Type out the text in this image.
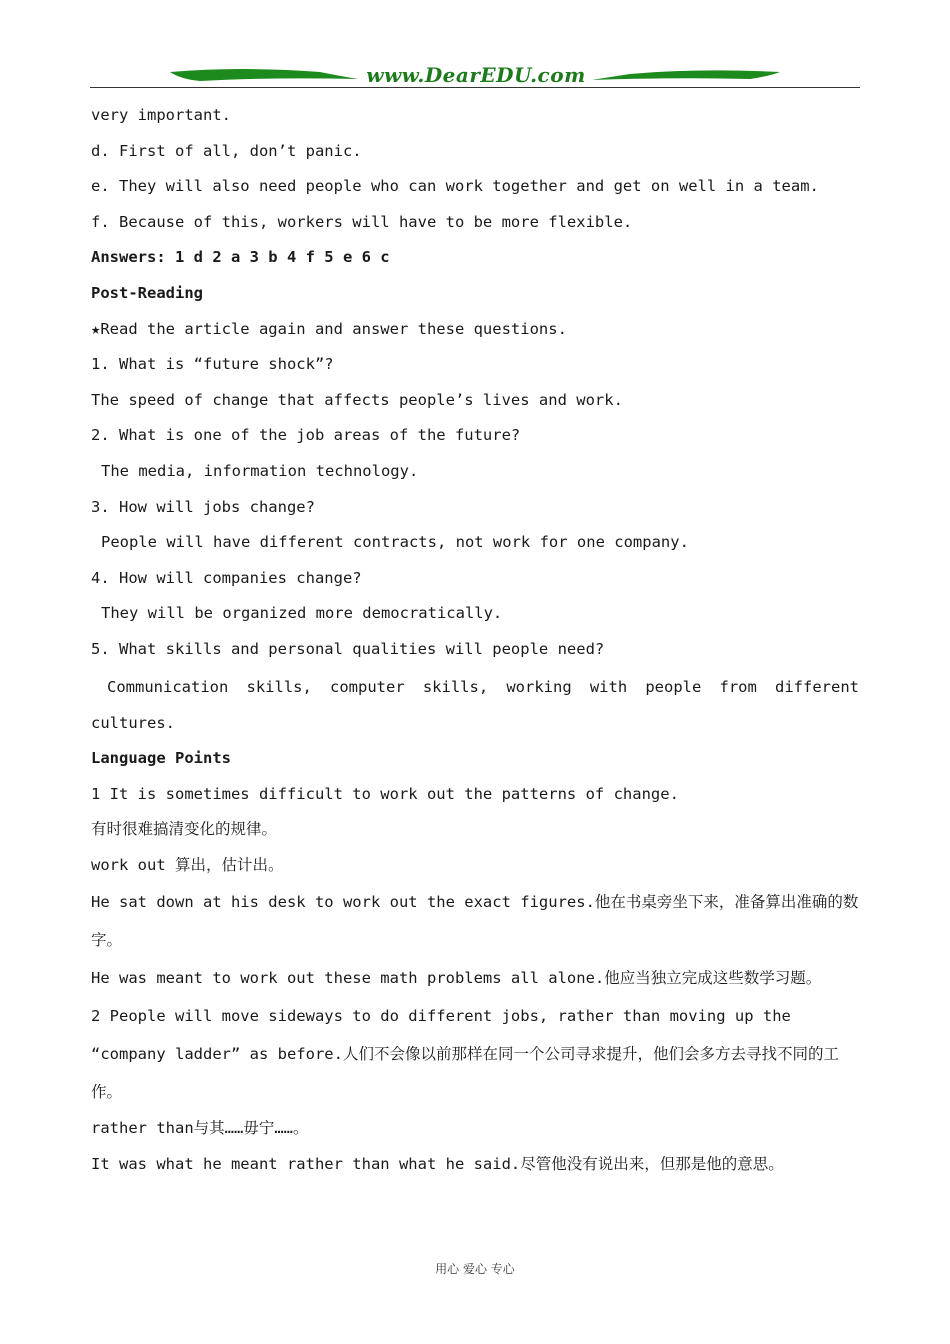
www.DearEDU.com

very important.

d. First of all, don’t panic.

e. They will also need people who can work together and get on well in a team.

f. Because of this, workers will have to be more flexible.

Answers: 1 d 2 a 3 b 4 f 5 e 6 c

Post-Reading

★Read the article again and answer these questions.

1. What is “future shock”?

The speed of change that affects people’s lives and work.

2. What is one of the job areas of the future?

The media, information technology.

3. How will jobs change?

People will have different contracts, not work for one company.

4. How will companies change?

They will be organized more democratically.

5. What skills and personal qualities will people need?

Communication skills, computer skills, working with people from different

cultures.

Language Points

1 It is sometimes difficult to work out the patterns of change.

有时很难搞清变化的规律。

work out 算出，估计出。

He sat down at his desk to work out the exact figures.他在书桌旁坐下来，准备算出准确的数字。

He was meant to work out these math problems all alone.他应当独立完成这些数学习题。

2 People will move sideways to do different jobs, rather than moving up the “company ladder” as before.人们不会像以前那样在同一个公司寻求提升，他们会多方去寻找不同的工作。

rather than与其……毋宁……。

It was what he meant rather than what he said.尽管他没有说出来，但那是他的意思。

用心 爱心 专心
